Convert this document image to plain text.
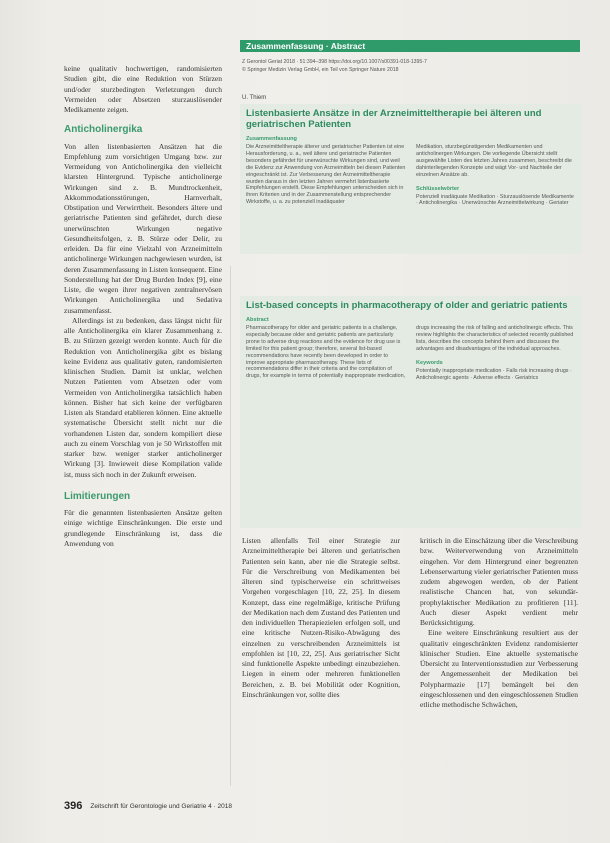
keine qualitativ hochwertigen, randomisierten Studien gibt, die eine Reduktion von Stürzen und/oder sturzbedingten Verletzungen durch Vermeiden oder Absetzen sturzauslösender Medikamente zeigen.

Anticholinergika

Von allen listenbasierten Ansätzen hat die Empfehlung zum vorsichtigen Umgang bzw. zur Vermeidung von Anticholinergika den vielleicht klarsten Hintergrund. Typische anticholinerge Wirkungen sind z. B. Mundtrockenheit, Akkommodationsstörungen, Harnverhalt, Obstipation und Verwirrtheit. Besonders ältere und geriatrische Patienten sind gefährdet, durch diese unerwünschten Wirkungen negative Gesundheitsfolgen, z. B. Stürze oder Delir, zu erleiden. Da für eine Vielzahl von Arzneimitteln anticholinerge Wirkungen nachgewiesen wurden, ist deren Zusammenfassung in Listen konsequent. Eine Sonderstellung hat der Drug Burden Index [9], eine Liste, die wegen ihrer negativen zentralnervösen Wirkungen Anticholinergika und Sedativa zusammenfasst.

Allerdings ist zu bedenken, dass längst nicht für alle Anticholinergika ein klarer Zusammenhang z. B. zu Stürzen gezeigt werden konnte. Auch für die Reduktion von Anticholinergika gibt es bislang keine Evidenz aus qualitativ guten, randomisierten klinischen Studien. Damit ist unklar, welchen Nutzen Patienten vom Absetzen oder vom Vermeiden von Anticholinergika tatsächlich haben können. Bisher hat sich keine der verfügbaren Listen als Standard etablieren können. Eine aktuelle systematische Übersicht stellt nicht nur die vorhandenen Listen dar, sondern kompiliert diese auch zu einem Vorschlag von je 50 Wirkstoffen mit starker bzw. weniger starker anticholinerger Wirkung [3]. Inwieweit diese Kompilation valide ist, muss sich noch in der Zukunft erweisen.

Limitierungen

Für die genannten listenbasierten Ansätze gelten einige wichtige Einschränkungen. Die erste und grundlegende Einschränkung ist, dass die Anwendung von

Zusammenfassung · Abstract
Z Gerontol Geriat 2018 · 51:394–398 https://doi.org/10.1007/s00391-018-1395-7
© Springer Medizin Verlag GmbH, ein Teil von Springer Nature 2018
U. Thiem
Listenbasierte Ansätze in der Arzneimitteltherapie bei älteren und geriatrischen Patienten
Zusammenfassung
Die Arzneimitteltherapie älterer und geriatrischer Patienten ist eine Herausforderung, u. a., weil ältere und geriatrische Patienten besonders gefährdet für unerwünschte Wirkungen sind, und weil die Evidenz zur Anwendung von Arzneimitteln bei diesen Patienten eingeschränkt ist. Zur Verbesserung der Arzneimitteltherapie wurden daraus in den letzten Jahren vermehrt listenbasierte Empfehlungen erstellt. Diese Empfehlungen unterscheiden sich in ihren Kriterien und in der Zusammenstellung entsprechender Wirkstoffe, u. a. zu potenziell inadäquater
Medikation, sturzbegünstigenden Medikamenten und anticholinergen Wirkungen. Die vorliegende Übersicht stellt ausgewählte Listen des letzten Jahres zusammen, beschreibt die dahinterliegenden Konzepte und wägt Vor- und Nachteile der einzelnen Ansätze ab.
Schlüsselwörter
Potenziell inadäquate Medikation · Sturzauslösende Medikamente · Anticholinergika · Unerwünschte Arzneimittelwirkung · Geriater
List-based concepts in pharmacotherapy of older and geriatric patients
Abstract
Pharmacotherapy for older and geriatric patients is a challenge, especially because older and geriatric patients are particularly prone to adverse drug reactions and the evidence for drug use is limited for this patient group; therefore, several list-based recommendations have recently been developed in order to improve appropriate pharmacotherapy. These lists of recommendations differ in their criteria and the compilation of drugs, for example in terms of potentially inappropriate medication,
drugs increasing the risk of falling and anticholinergic effects. This review highlights the characteristics of selected recently published lists, describes the concepts behind them and discusses the advantages and disadvantages of the individual approaches.
Keywords
Potentially inappropriate medication · Falls risk increasing drugs · Anticholinergic agents · Adverse effects · Geriatrics

Listen allenfalls Teil einer Strategie zur Arzneimitteltherapie bei älteren und geriatrischen Patienten sein kann, aber nie die Strategie selbst. Für die Verschreibung von Medikamenten bei älteren sind typischerweise ein schrittweises Vorgehen vorgeschlagen [10, 22, 25]. In diesem Konzept, dass eine regelmäßige, kritische Prüfung der Medikation nach dem Zustand des Patienten und den individuellen Therapiezielen erfolgen soll, und eine kritische Nutzen-Risiko-Abwägung des einzelnen zu verschreibenden Arzneimittels ist empfohlen ist [10, 22, 25]. Aus geriatrischer Sicht sind funktionelle Aspekte unbedingt einzubeziehen. Liegen in einem oder mehreren funktionellen Bereichen, z. B. bei Mobilität oder Kognition, Einschränkungen vor, sollte dies

kritisch in die Einschätzung über die Verschreibung bzw. Weiterverwendung von Arzneimitteln eingehen. Vor dem Hintergrund einer begrenzten Lebenserwartung vieler geriatrischer Patienten muss zudem abgewogen werden, ob der Patient realistische Chancen hat, von sekundär-prophylaktischer Medikation zu profitieren [11]. Auch dieser Aspekt verdient mehr Berücksichtigung.

Eine weitere Einschränkung resultiert aus der qualitativ eingeschränkten Evidenz randomisierter klinischer Studien. Eine aktuelle systematische Übersicht zu Interventionsstudien zur Verbesserung der Angemessenheit der Medikation bei Polypharmazie [17] bemängelt bei den eingeschlossenen und den eingeschlossenen Studien etliche methodische Schwächen,

396 Zeitschrift für Gerontologie und Geriatrie 4 · 2018
